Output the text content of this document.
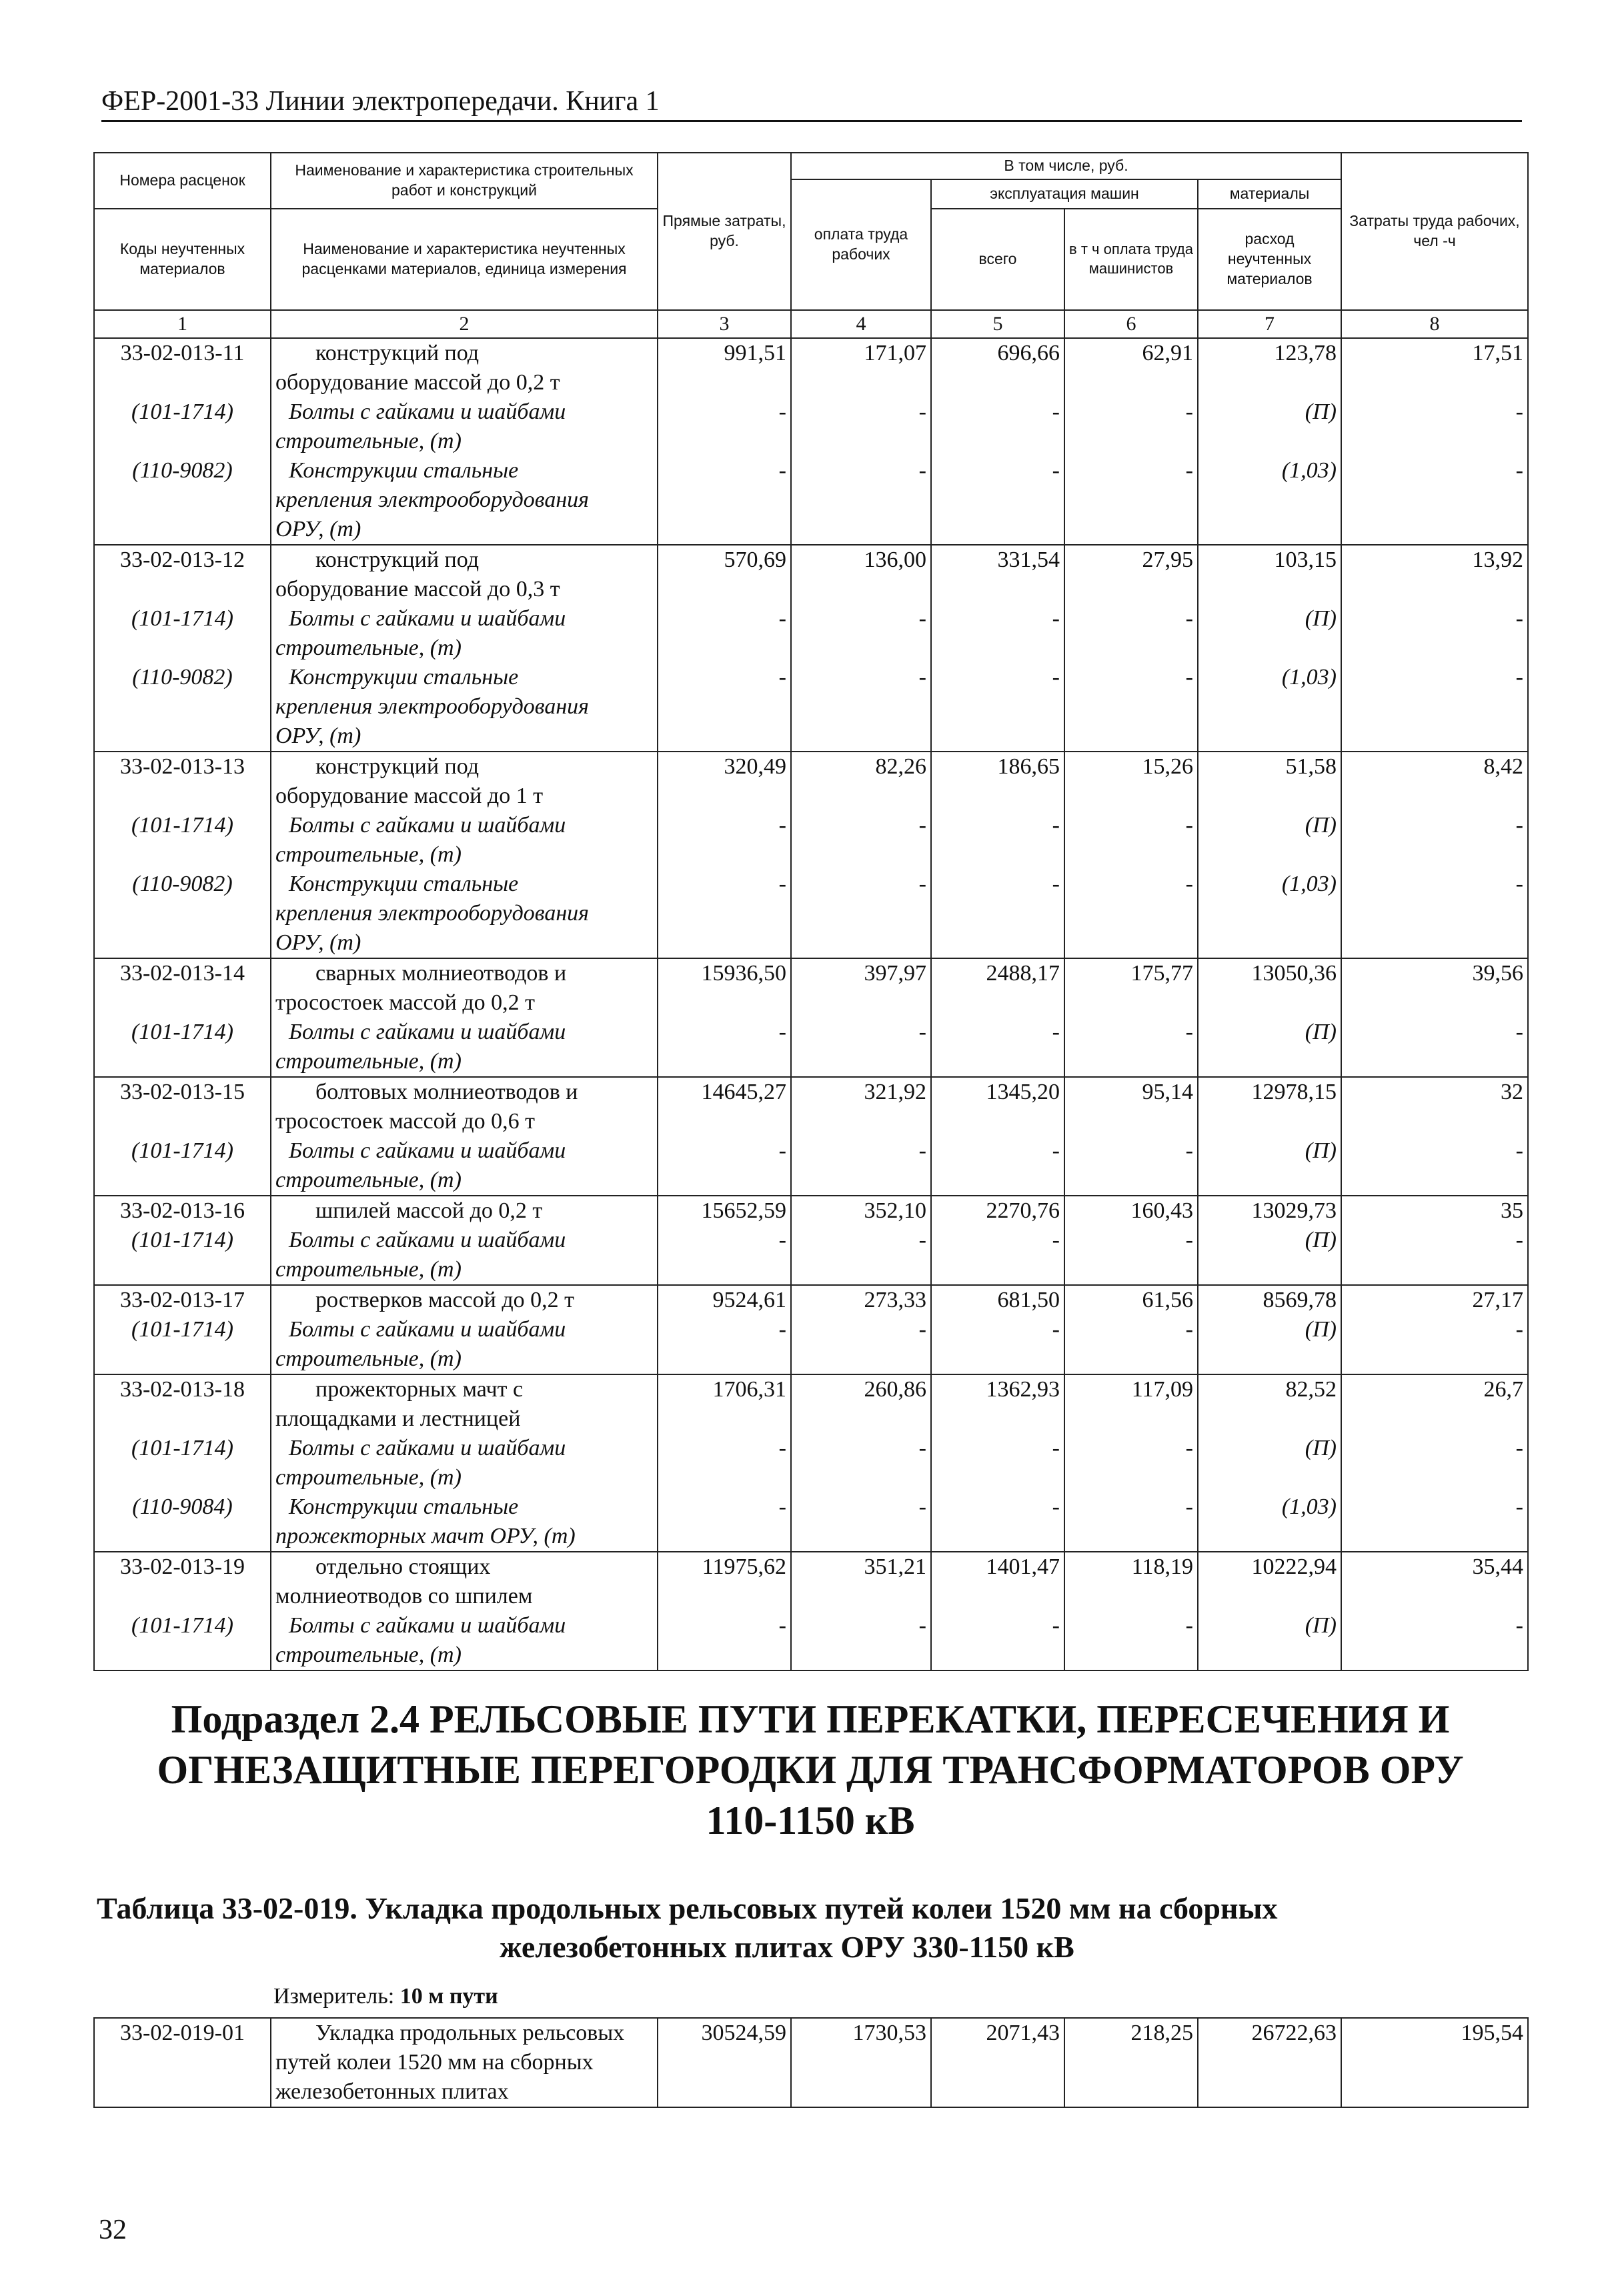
ФЕР-2001-33 Линии электропередачи. Книга 1
Номера расценок	Наименование и характеристика строительных работ и конструкций	Прямые затраты, руб.	В том числе, руб.				Затраты труда рабочих, чел -ч
			оплата труда рабочих	эксплуатация машин		материалы	
Коды неучтенных материалов	Наименование и характеристика неучтенных расценками материалов, единица измерения			всего	в т ч оплата труда машинистов	расход неучтенных материалов	

1	2	3	4	5	6	7	8
33-02-013-11	конструкций под
оборудование массой до 0,2 т	991,51	171,07	696,66	62,91	123,78	17,51
(101-1714)	Болты с гайками и шайбами
строительные, (т)	-	-	-	-	(П)	-
(110-9082)	Конструкции стальные
крепления электрооборудования
ОРУ, (т)	-	-	-	-	(1,03)	-
33-02-013-12	конструкций под
оборудование массой до 0,3 т	570,69	136,00	331,54	27,95	103,15	13,92
(101-1714)	Болты с гайками и шайбами
строительные, (т)	-	-	-	-	(П)	-
(110-9082)	Конструкции стальные
крепления электрооборудования
ОРУ, (т)	-	-	-	-	(1,03)	-
33-02-013-13	конструкций под
оборудование массой до 1 т	320,49	82,26	186,65	15,26	51,58	8,42
(101-1714)	Болты с гайками и шайбами
строительные, (т)	-	-	-	-	(П)	-
(110-9082)	Конструкции стальные
крепления электрооборудования
ОРУ, (т)	-	-	-	-	(1,03)	-
33-02-013-14	сварных молниеотводов и
тросостоек массой до 0,2 т	15936,50	397,97	2488,17	175,77	13050,36	39,56
(101-1714)	Болты с гайками и шайбами
строительные, (т)	-	-	-	-	(П)	-
33-02-013-15	болтовых молниеотводов и
тросостоек массой до 0,6 т	14645,27	321,92	1345,20	95,14	12978,15	32
(101-1714)	Болты с гайками и шайбами
строительные, (т)	-	-	-	-	(П)	-
33-02-013-16	шпилей массой до 0,2 т	15652,59	352,10	2270,76	160,43	13029,73	35
(101-1714)	Болты с гайками и шайбами
строительные, (т)	-	-	-	-	(П)	-
33-02-013-17	ростверков массой до 0,2 т	9524,61	273,33	681,50	61,56	8569,78	27,17
(101-1714)	Болты с гайками и шайбами
строительные, (т)	-	-	-	-	(П)	-
33-02-013-18	прожекторных мачт с
площадками и лестницей	1706,31	260,86	1362,93	117,09	82,52	26,7
(101-1714)	Болты с гайками и шайбами
строительные, (т)	-	-	-	-	(П)	-
(110-9084)	Конструкции стальные
прожекторных мачт ОРУ, (т)	-	-	-	-	(1,03)	-
33-02-013-19	отдельно стоящих
молниеотводов со шпилем	11975,62	351,21	1401,47	118,19	10222,94	35,44
(101-1714)	Болты с гайками и шайбами
строительные, (т)	-	-	-	-	(П)	-
Подраздел 2.4 РЕЛЬСОВЫЕ ПУТИ ПЕРЕКАТКИ, ПЕРЕСЕЧЕНИЯ И
ОГНЕЗАЩИТНЫЕ ПЕРЕГОРОДКИ ДЛЯ ТРАНСФОРМАТОРОВ ОРУ
110-1150 кВ
Таблица 33-02-019. Укладка продольных рельсовых путей колеи 1520 мм на сборных
железобетонных плитах ОРУ 330-1150 кВ
Измеритель: 10 м пути
33-02-019-01	Укладка продольных рельсовых
путей колеи 1520 мм на сборных
железобетонных плитах
	30524,59	1730,53	2071,43	218,25	26722,63	195,54
32
